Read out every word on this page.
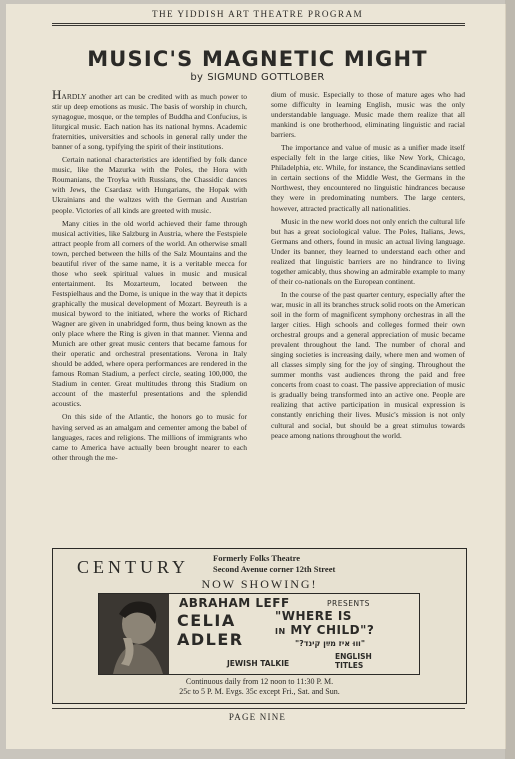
THE YIDDISH ART THEATRE PROGRAM
MUSIC'S MAGNETIC MIGHT
by SIGMUND GOTTLOBER

HARDLY another art can be credited with as much power to stir up deep emotions as music. The basis of worship in church, synagogue, mosque, or the temples of Buddha and Confucius, is liturgical music. Each nation has its national hymns. Academic fraternities, universities and schools in general rally under the banner of a song, typifying the spirit of their institutions.

Certain national characteristics are identified by folk dance music, like the Mazurka with the Poles, the Hora with Roumanians, the Troyka with Russians, the Chassidic dances with Jews, the Csardasz with Hungarians, the Hopak with Ukrainians and the waltzes with the German and Austrian people. Victories of all kinds are greeted with music.

Many cities in the old world achieved their fame through musical activities, like Salzburg in Austria, where the Festspiele attract people from all corners of the world. An otherwise small town, perched between the hills of the Salz Mountains and the beautiful river of the same name, it is a veritable mecca for those who seek spiritual values in music and musical entertainment. Its Mozarteum, located between the Festspielhaus and the Dome, is unique in the way that it depicts graphically the musical development of Mozart. Beyreuth is a musical byword to the initiated, where the works of Richard Wagner are given in unabridged form, thus being known as the only place where the Ring is given in that manner. Vienna and Munich are other great music centers that became famous for their operatic and orchestral presentations. Verona in Italy should be added, where opera performances are rendered in the famous Roman Stadium, a perfect circle, seating 100,000, the Stadium in center. Great multitudes throng this Stadium on account of the masterful presentations and the splendid acoustics.

On this side of the Atlantic, the honors go to music for having served as an amalgam and cementer among the babel of languages, races and religions. The millions of immigrants who came to America have actually been brought nearer to each other through the me-

dium of music. Especially to those of mature ages who had some difficulty in learning English, music was the only understandable language. Music made them realize that all mankind is one brotherhood, eliminating linguistic and racial barriers.

The importance and value of music as a unifier made itself especially felt in the large cities, like New York, Chicago, Philadelphia, etc. While, for instance, the Scandinavians settled in certain sections of the Middle West, the Germans in the Northwest, they encountered no linguistic hindrances because they were in predominating numbers. The large centers, however, attracted practically all nationalities.

Music in the new world does not only enrich the cultural life but has a great sociological value. The Poles, Italians, Jews, Germans and others, found in music an actual living language. Under its banner, they learned to understand each other and realized that linguistic barriers are no hindrance to living together amicably, thus showing an admirable example to many of their co-nationals on the European continent.

In the course of the past quarter century, especially after the war, music in all its branches struck solid roots on the American soil in the form of magnificent symphony orchestras in all the larger cities. High schools and colleges formed their own orchestral groups and a general appreciation of music became prevalent throughout the land. The number of choral and singing societies is increasing daily, where men and women of all classes simply sing for the joy of singing. Throughout the summer months vast audiences throng the paid and free concerts from coast to coast. The passive appreciation of music is gradually being transformed into an active one. People are realizing that active participation in musical expression is constantly enriching their lives. Music's mission is not only cultural and social, but should be a great stimulus towards peace among nations throughout the world.

CENTURY	Formerly Folks Theatre
Second Avenue corner 12th Street
NOW SHOWING!
ABRAHAM LEFF	PRESENTS
CELIA
ADLER
"WHERE IS
IN MY CHILD"?
"װוּ איז מײַן קינד?"
JEWISH TALKIE
ENGLISH
TITLES
Continuous daily from 12 noon to 11:30 P. M.
25c to 5 P. M. Evgs. 35c except Fri., Sat. and Sun.
PAGE NINE
